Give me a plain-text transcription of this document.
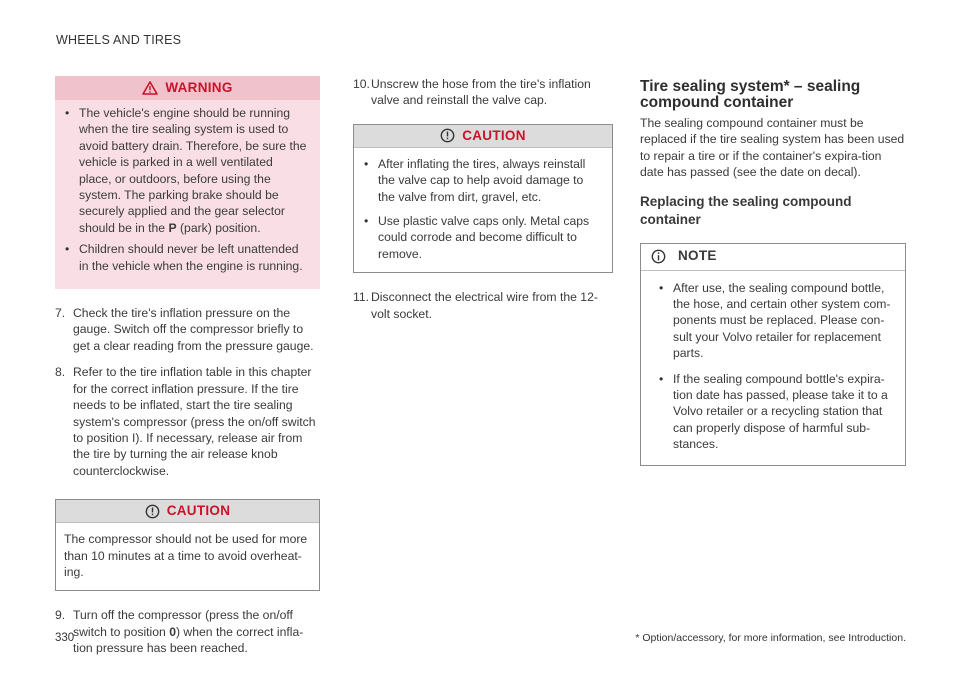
WHEELS AND TIRES
WARNING
• The vehicle's engine should be running when the tire sealing system is used to avoid battery drain. Therefore, be sure the vehicle is parked in a well ventilated place, or outdoors, before using the system. The parking brake should be securely applied and the gear selector should be in the P (park) position.
• Children should never be left unattended in the vehicle when the engine is running.
7. Check the tire's inflation pressure on the gauge. Switch off the compressor briefly to get a clear reading from the pressure gauge.
8. Refer to the tire inflation table in this chapter for the correct inflation pressure. If the tire needs to be inflated, start the tire sealing system's compressor (press the on/off switch to position I). If necessary, release air from the tire by turning the air release knob counterclockwise.
CAUTION
The compressor should not be used for more than 10 minutes at a time to avoid overheat-ing.
9. Turn off the compressor (press the on/off switch to position 0) when the correct infla-tion pressure has been reached.
10. Unscrew the hose from the tire's inflation valve and reinstall the valve cap.
CAUTION
• After inflating the tires, always reinstall the valve cap to help avoid damage to the valve from dirt, gravel, etc.
• Use plastic valve caps only. Metal caps could corrode and become difficult to remove.
11. Disconnect the electrical wire from the 12-volt socket.
Tire sealing system* – sealing compound container

The sealing compound container must be replaced if the tire sealing system has been used to repair a tire or if the container's expira-tion date has passed (see the date on decal).

Replacing the sealing compound container
NOTE
• After use, the sealing compound bottle, the hose, and certain other system com-ponents must be replaced. Please con-sult your Volvo retailer for replacement parts.
• If the sealing compound bottle's expira-tion date has passed, please take it to a Volvo retailer or a recycling station that can properly dispose of harmful sub-stances.
330	* Option/accessory, for more information, see Introduction.
